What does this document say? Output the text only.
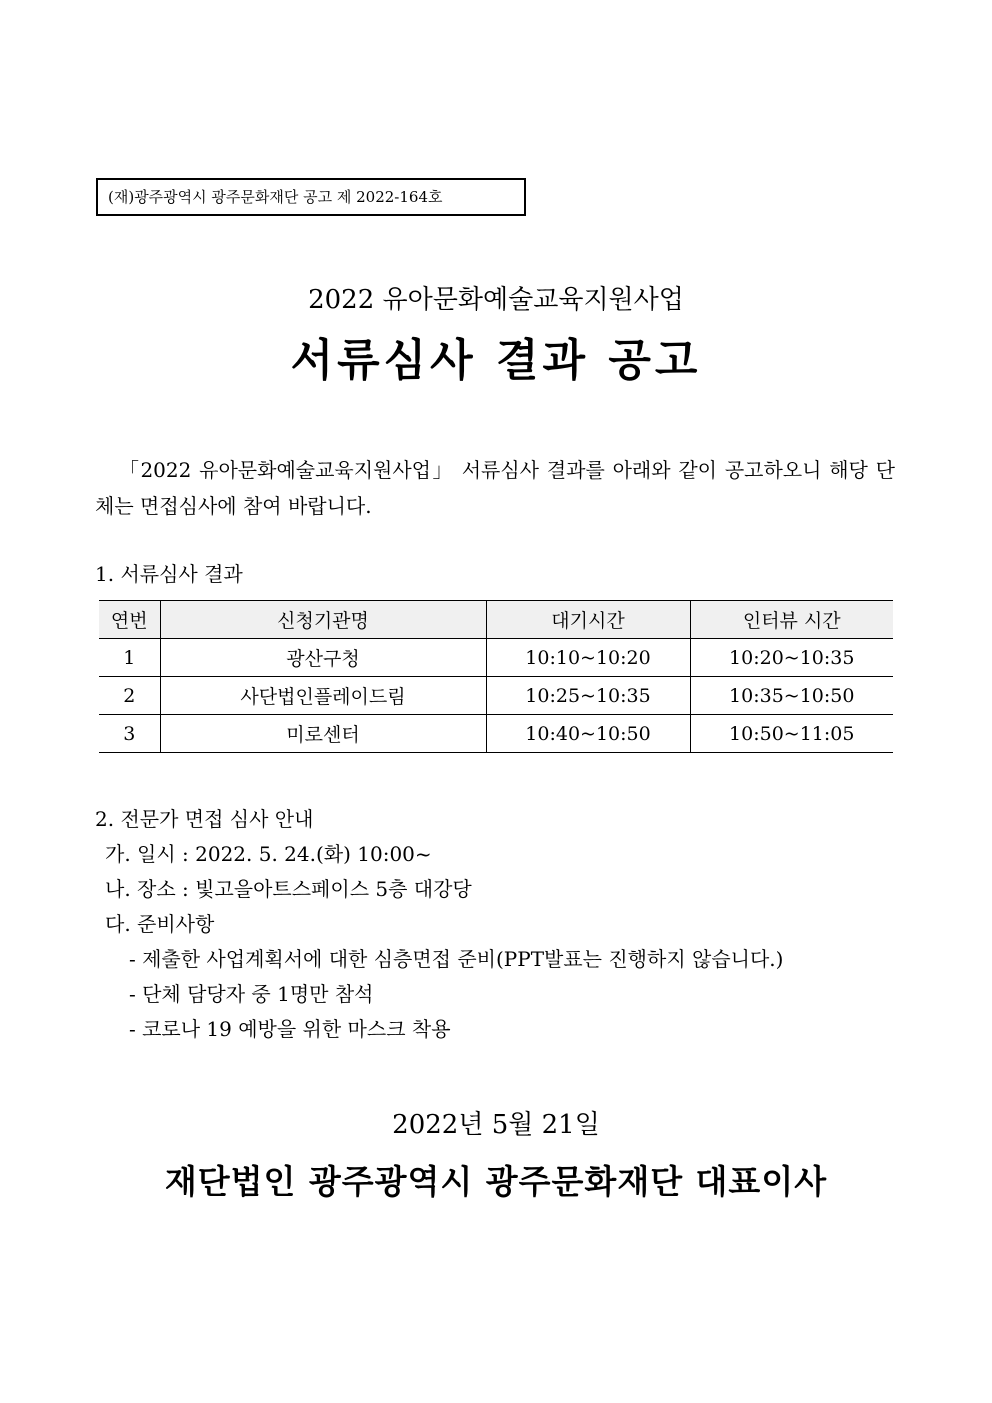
(재)광주광역시 광주문화재단 공고 제 2022-164호
2022 유아문화예술교육지원사업
서류심사 결과 공고
「2022 유아문화예술교육지원사업」 서류심사 결과를 아래와 같이 공고하오니 해당 단체는 면접심사에 참여 바랍니다.
1. 서류심사 결과
연번	신청기관명	대기시간	인터뷰 시간
1	광산구청	10:10~10:20	10:20~10:35
2	사단법인플레이드림	10:25~10:35	10:35~10:50
3	미로센터	10:40~10:50	10:50~11:05
2. 전문가 면접 심사 안내
가. 일시 : 2022. 5. 24.(화) 10:00~
나. 장소 : 빛고을아트스페이스 5층 대강당
다. 준비사항
- 제출한 사업계획서에 대한 심층면접 준비(PPT발표는 진행하지 않습니다.)
- 단체 담당자 중 1명만 참석
- 코로나 19 예방을 위한 마스크 착용
2022년 5월 21일
재단법인 광주광역시 광주문화재단 대표이사
